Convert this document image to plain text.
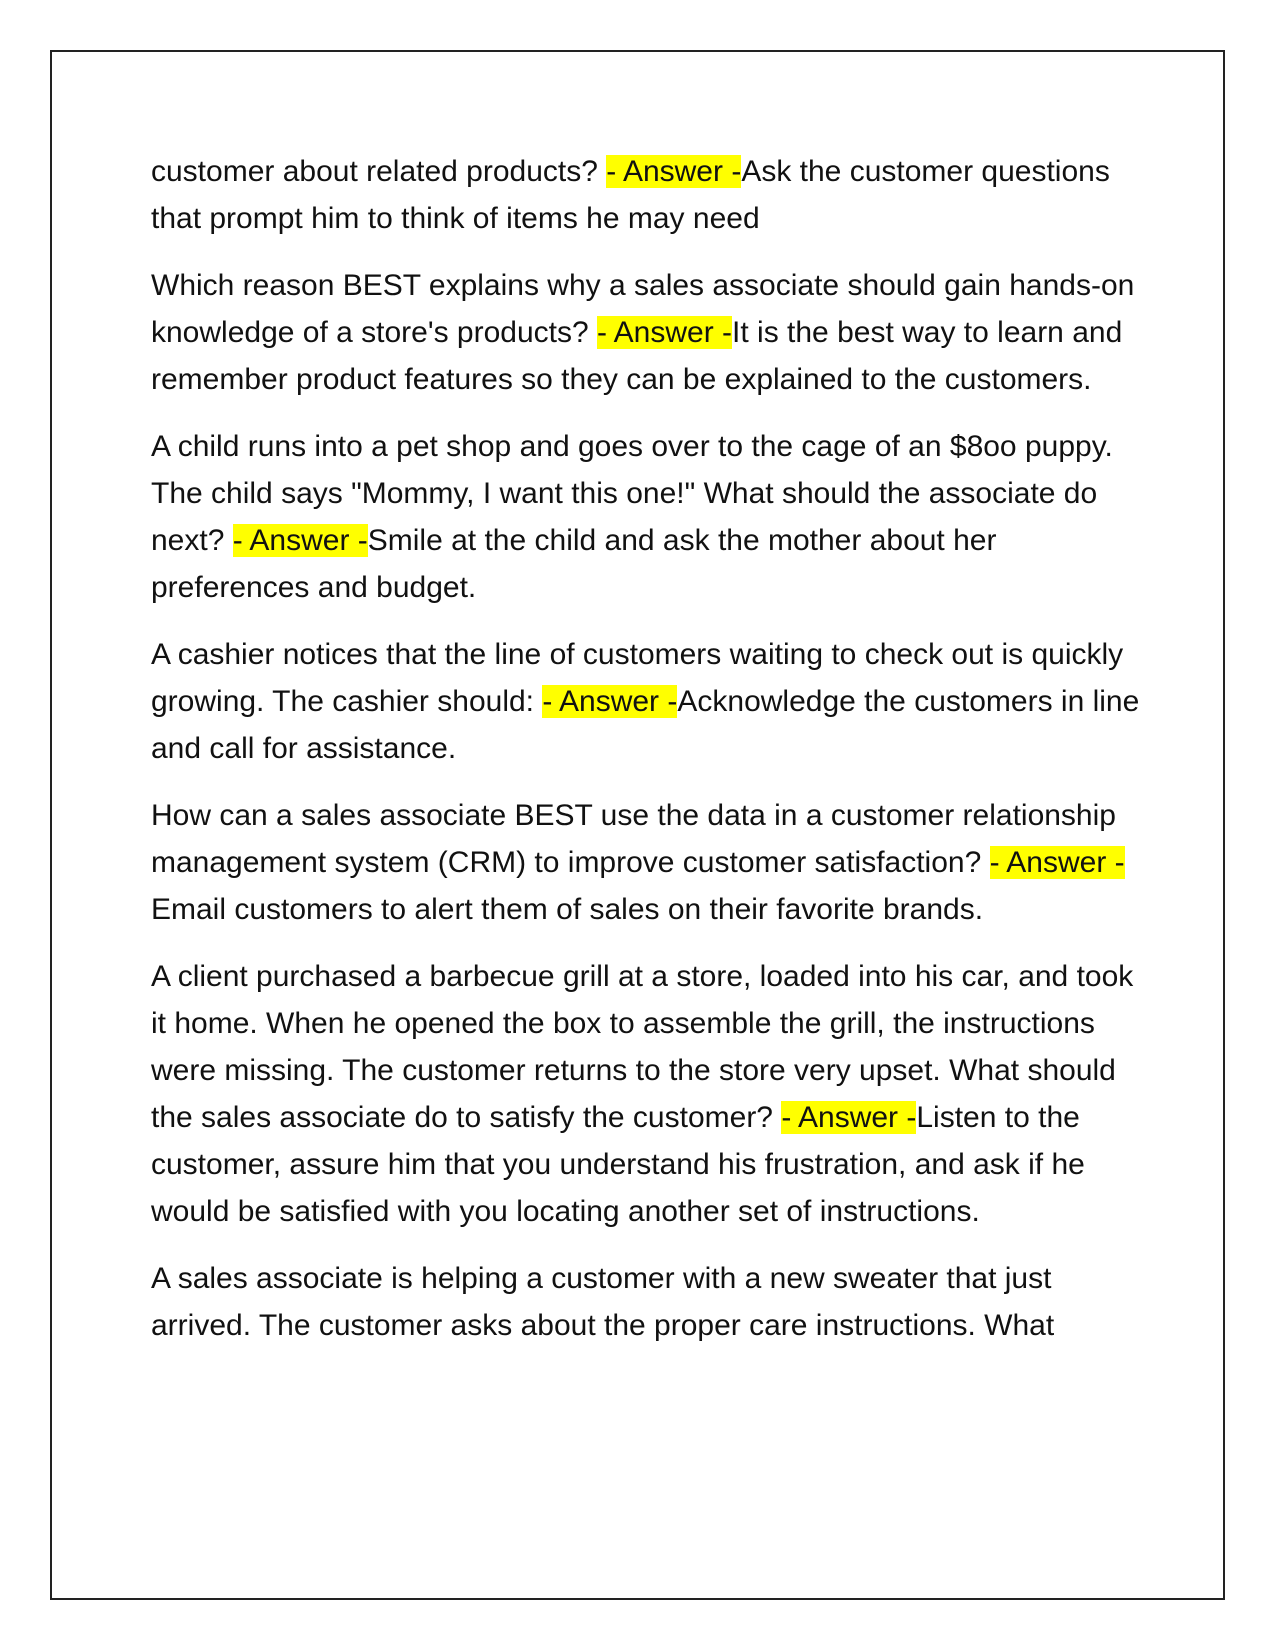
customer about related products? - Answer -Ask the customer questions that prompt him to think of items he may need

Which reason BEST explains why a sales associate should gain hands-on knowledge of a store's products? - Answer -It is the best way to learn and remember product features so they can be explained to the customers.

A child runs into a pet shop and goes over to the cage of an $8oo puppy. The child says "Mommy, I want this one!" What should the associate do next? - Answer -Smile at the child and ask the mother about her preferences and budget.

A cashier notices that the line of customers waiting to check out is quickly growing. The cashier should: - Answer -Acknowledge the customers in line and call for assistance.

How can a sales associate BEST use the data in a customer relationship management system (CRM) to improve customer satisfaction? - Answer -Email customers to alert them of sales on their favorite brands.

A client purchased a barbecue grill at a store, loaded into his car, and took it home. When he opened the box to assemble the grill, the instructions were missing. The customer returns to the store very upset. What should the sales associate do to satisfy the customer? - Answer -Listen to the customer, assure him that you understand his frustration, and ask if he would be satisfied with you locating another set of instructions.

A sales associate is helping a customer with a new sweater that just arrived. The customer asks about the proper care instructions. What
